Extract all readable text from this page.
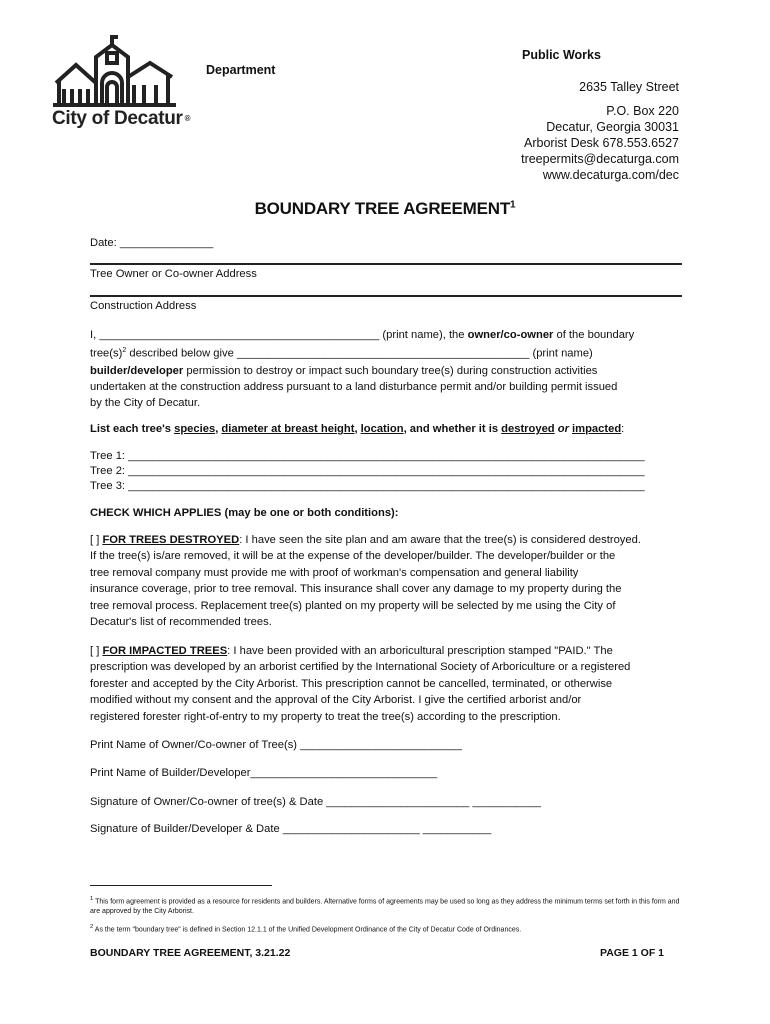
City of Decatur ®
Department
Public Works
2635 Talley Street
P.O. Box 220
Decatur, Georgia 30031
Arborist Desk 678.553.6527
treepermits@decaturga.com
www.decaturga.com/dec
BOUNDARY TREE AGREEMENT$^1$
Date: _______________
Tree Owner or Co-owner Address
Construction Address
I, _____________________________________________ (print name), the owner/co-owner of the boundary
$tree(s)^2$ described below give _______________________________________________ (print name)
builder/developer permission to destroy or impact such boundary tree(s) during construction activities
undertaken at the construction address pursuant to a land disturbance permit and/or building permit issued
by the City of Decatur.
List each tree's species, diameter at breast height, location, and whether it is destroyed or impacted:
Tree 1: ___________________________________________________________________________________
Tree 2: ___________________________________________________________________________________
Tree 3: ___________________________________________________________________________________
CHECK WHICH APPLIES (may be one or both conditions):
[ ] FOR TREES DESTROYED: I have seen the site plan and am aware that the tree(s) is considered destroyed.
If the tree(s) is/are removed, it will be at the expense of the developer/builder. The developer/builder or the
tree removal company must provide me with proof of workman's compensation and general liability
insurance coverage, prior to tree removal. This insurance shall cover any damage to my property during the
tree removal process. Replacement tree(s) planted on my property will be selected by me using the City of
Decatur's list of recommended trees.
[ ] FOR IMPACTED TREES: I have been provided with an arboricultural prescription stamped "PAID." The
prescription was developed by an arborist certified by the International Society of Arboriculture or a registered
forester and accepted by the City Arborist. This prescription cannot be cancelled, terminated, or otherwise
modified without my consent and the approval of the City Arborist. I give the certified arborist and/or
registered forester right-of-entry to my property to treat the tree(s) according to the prescription.
Print Name of Owner/Co-owner of Tree(s) __________________________
Print Name of Builder/Developer______________________________
Signature of Owner/Co-owner of tree(s) & Date _______________________ ___________
Signature of Builder/Developer & Date ______________________ ___________
$^1$ This form agreement is provided as a resource for residents and builders. Alternative forms of agreements may be used so long as they address the minimum terms set forth in this form and are approved by the City Arborist.
$^2$ As the term "boundary tree" is defined in Section 12.1.1 of the Unified Development Ordinance of the City of Decatur Code of Ordinances.
BOUNDARY TREE AGREEMENT, 3.21.22	PAGE 1 OF 1
